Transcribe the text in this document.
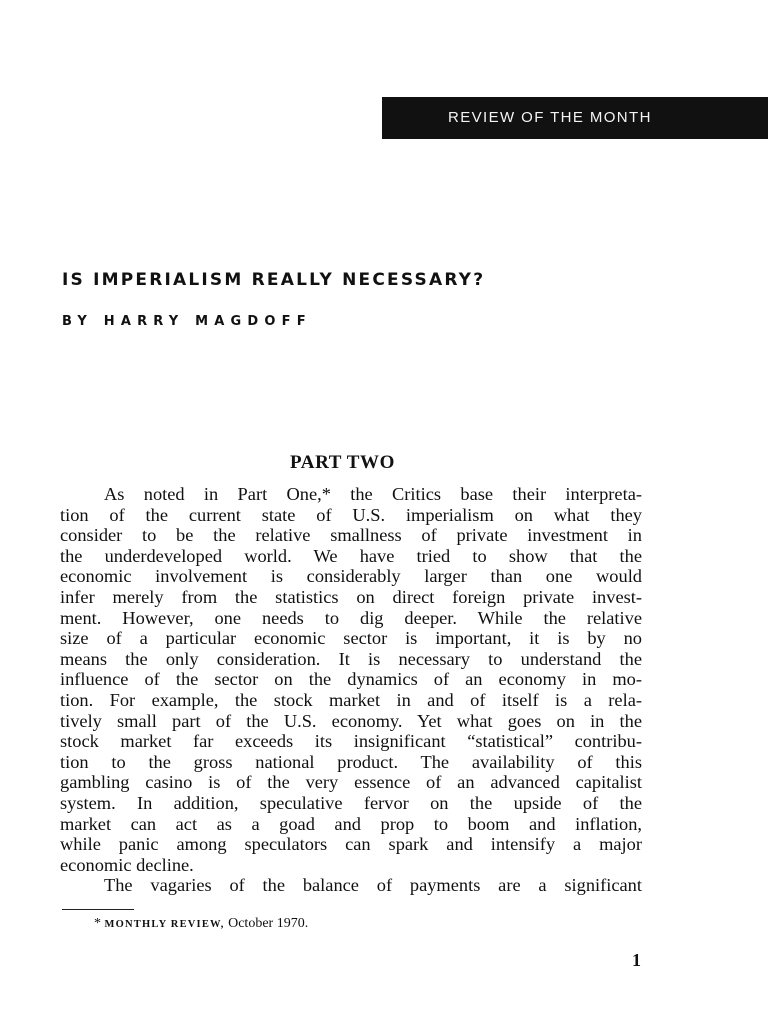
REVIEW OF THE MONTH
IS IMPERIALISM REALLY NECESSARY?

BY HARRY MAGDOFF

PART TWO
As noted in Part One,* the Critics base their interpreta-
tion of the current state of U.S. imperialism on what they
consider to be the relative smallness of private investment in
the underdeveloped world. We have tried to show that the
economic involvement is considerably larger than one would
infer merely from the statistics on direct foreign private invest-
ment. However, one needs to dig deeper. While the relative
size of a particular economic sector is important, it is by no
means the only consideration. It is necessary to understand the
influence of the sector on the dynamics of an economy in mo-
tion. For example, the stock market in and of itself is a rela-
tively small part of the U.S. economy. Yet what goes on in the
stock market far exceeds its insignificant “statistical” contribu-
tion to the gross national product. The availability of this
gambling casino is of the very essence of an advanced capitalist
system. In addition, speculative fervor on the upside of the
market can act as a goad and prop to boom and inflation,
while panic among speculators can spark and intensify a major
economic decline.
The vagaries of the balance of payments are a significant
* MONTHLY REVIEW, October 1970.
1
